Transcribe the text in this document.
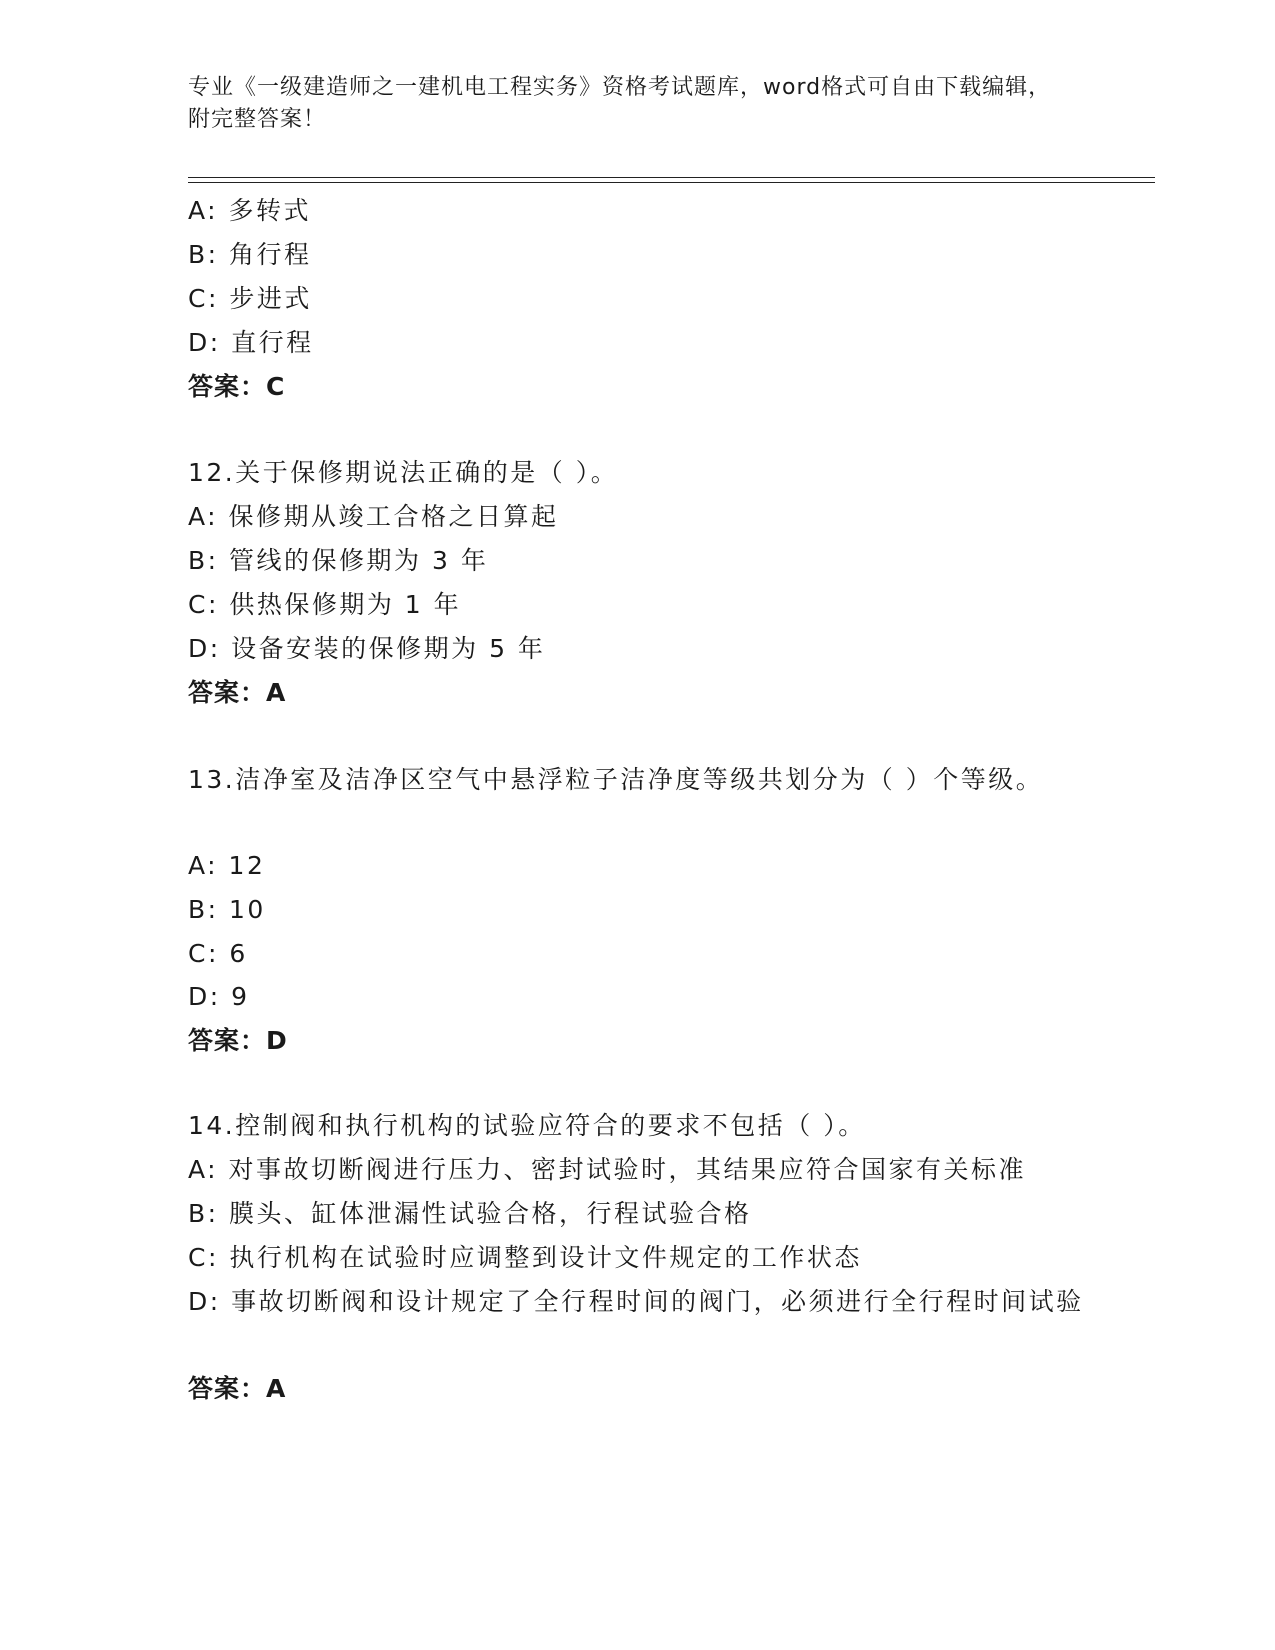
专业《一级建造师之一建机电工程实务》资格考试题库，word格式可自由下载编辑，附完整答案！
A: 多转式
B: 角行程
C: 步进式
D: 直行程
答案：C
12.关于保修期说法正确的是（ ）。
A: 保修期从竣工合格之日算起
B: 管线的保修期为 3 年
C: 供热保修期为 1 年
D: 设备安装的保修期为 5 年
答案：A
13.洁净室及洁净区空气中悬浮粒子洁净度等级共划分为（ ）个等级。
A: 12
B: 10
C: 6
D: 9
答案：D
14.控制阀和执行机构的试验应符合的要求不包括（ ）。
A: 对事故切断阀进行压力、密封试验时，其结果应符合国家有关标准
B: 膜头、缸体泄漏性试验合格，行程试验合格
C: 执行机构在试验时应调整到设计文件规定的工作状态
D: 事故切断阀和设计规定了全行程时间的阀门，必须进行全行程时间试验
答案：A
